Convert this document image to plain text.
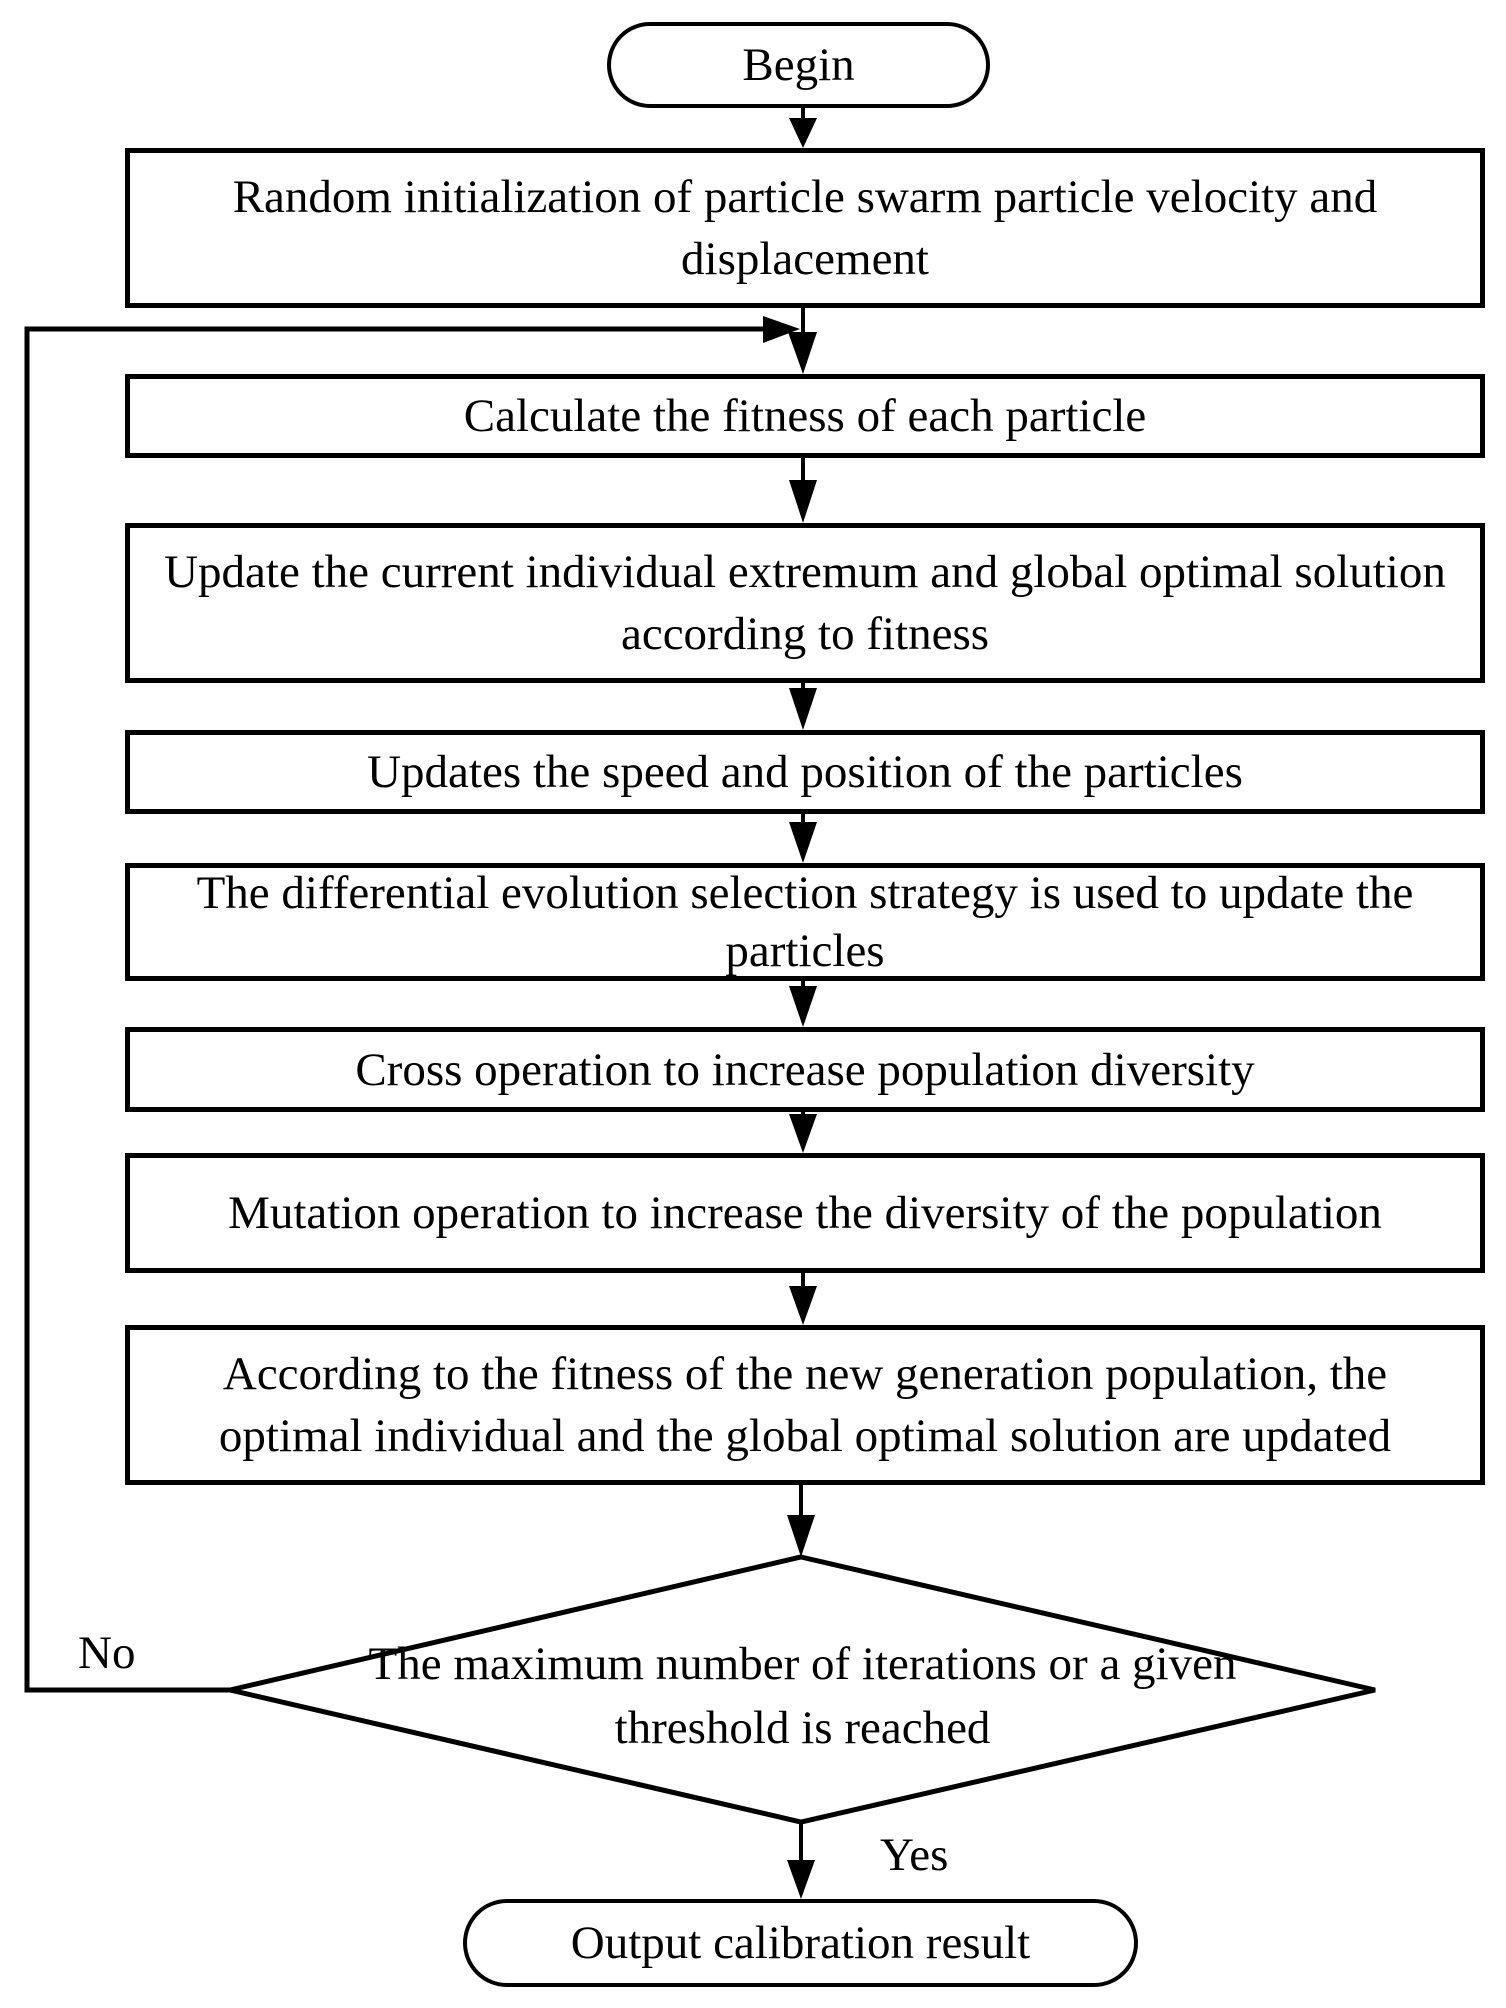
Begin
Random initialization of particle swarm particle velocity and
displacement
Calculate the fitness of each particle
Update the current individual extremum and global optimal solution
according to fitness
Updates the speed and position of the particles
The differential evolution selection strategy is used to update the
particles
Cross operation to increase population diversity
Mutation operation to increase the diversity of the population
According to the fitness of the new generation population, the
optimal individual and the global optimal solution are updated
The maximum number of iterations or a given
threshold is reached
No
Yes
Output calibration result
